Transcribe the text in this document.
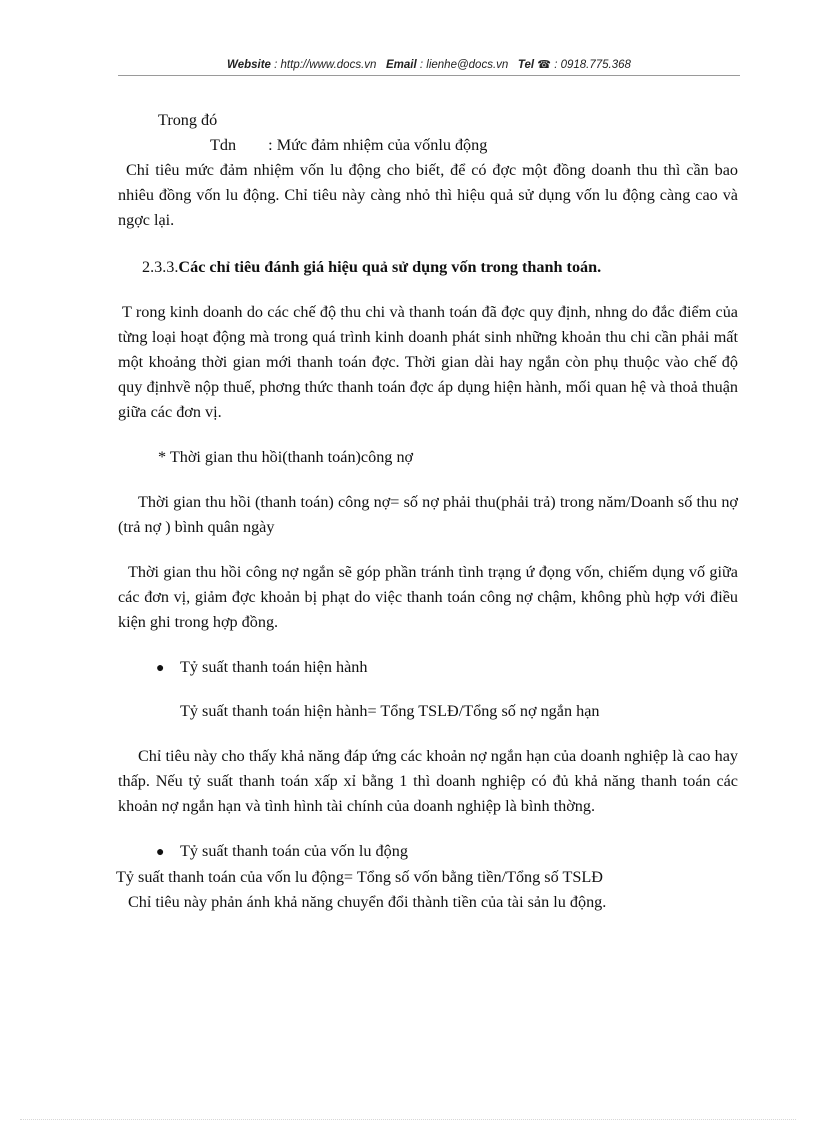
Website : http://www.docs.vn Email : lienhe@docs.vn Tel ☎ : 0918.775.368

Trong đó

Tdn : Mức đảm nhiệm của vốnlu động

Chỉ tiêu mức đảm nhiệm vốn lu động cho biết, để có đợc một đồng doanh thu thì cần bao nhiêu đồng vốn lu động. Chỉ tiêu này càng nhỏ thì hiệu quả sử dụng vốn lu động càng cao và ngợc lại.

2.3.3.Các chỉ tiêu đánh giá hiệu quả sử dụng vốn trong thanh toán.

T rong kinh doanh do các chế độ thu chi và thanh toán đã đợc quy định, nhng do đắc điểm của từng loại hoạt động mà trong quá trình kinh doanh phát sinh những khoản thu chi cần phải mất một khoảng thời gian mới thanh toán đợc. Thời gian dài hay ngắn còn phụ thuộc vào chế độ quy địnhvề nộp thuế, phơng thức thanh toán đợc áp dụng hiện hành, mối quan hệ và thoả thuận giữa các đơn vị.

* Thời gian thu hồi(thanh toán)công nợ

Thời gian thu hồi (thanh toán) công nợ= số nợ phải thu(phải trả) trong năm/Doanh số thu nợ (trả nợ ) bình quân ngày

Thời gian thu hồi công nợ ngắn sẽ góp phần tránh tình trạng ứ đọng vốn, chiếm dụng vố giữa các đơn vị, giảm đợc khoản bị phạt do việc thanh toán công nợ chậm, không phù hợp với điều kiện ghi trong hợp đồng.

● Tỷ suất thanh toán hiện hành

Tỷ suất thanh toán hiện hành= Tổng TSLĐ/Tổng số nợ ngắn hạn

Chỉ tiêu này cho thấy khả năng đáp ứng các khoản nợ ngắn hạn của doanh nghiệp là cao hay thấp. Nếu tỷ suất thanh toán xấp xỉ bằng 1 thì doanh nghiệp có đủ khả năng thanh toán các khoản nợ ngắn hạn và tình hình tài chính của doanh nghiệp là bình thờng.

● Tỷ suất thanh toán của vốn lu động

Tỷ suất thanh toán của vốn lu động= Tổng số vốn bằng tiền/Tổng số TSLĐ

Chỉ tiêu này phản ánh khả năng chuyển đổi thành tiền của tài sản lu động.
